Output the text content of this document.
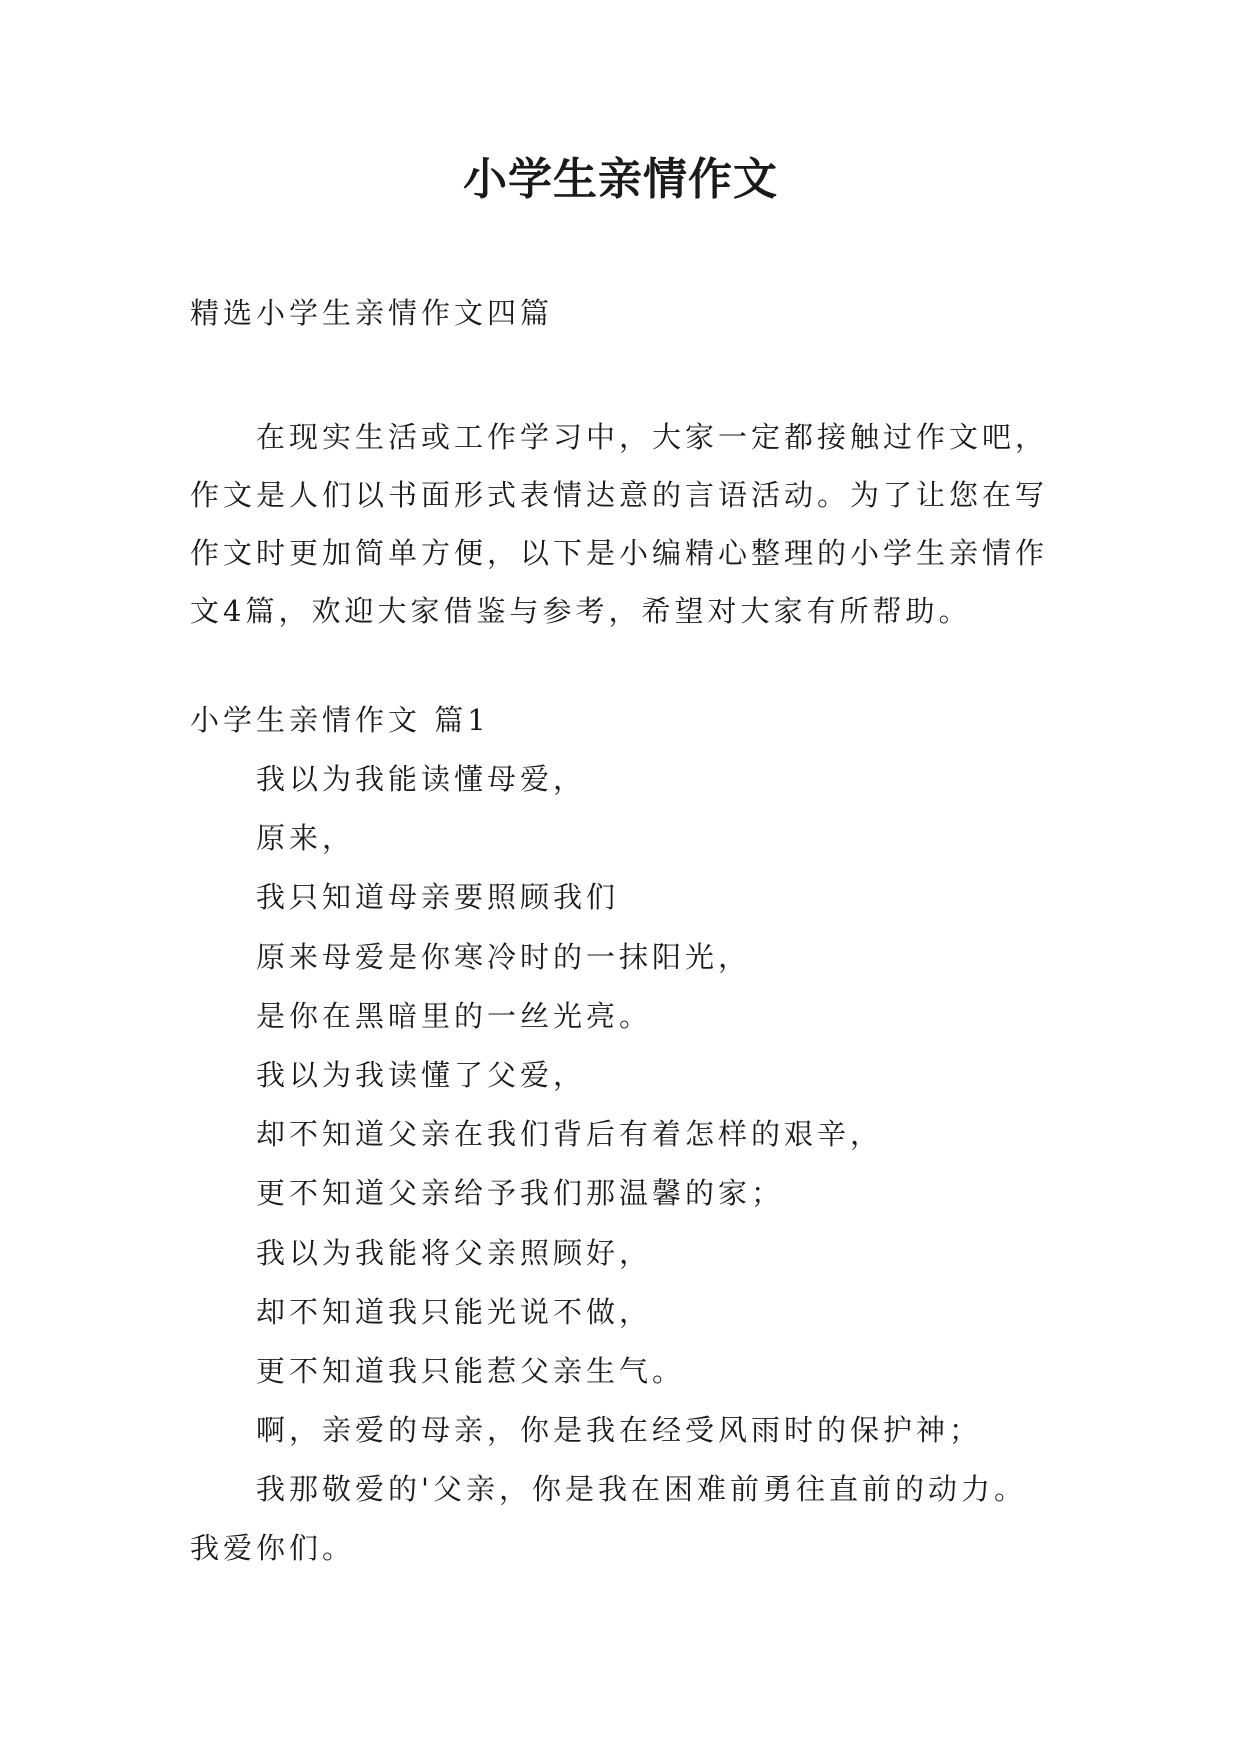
小学生亲情作文

精选小学生亲情作文四篇

在现实生活或工作学习中，大家一定都接触过作文吧，作文是人们以书面形式表情达意的言语活动。为了让您在写作文时更加简单方便，以下是小编精心整理的小学生亲情作文4篇，欢迎大家借鉴与参考，希望对大家有所帮助。

小学生亲情作文 篇1

我以为我能读懂母爱，

原来，

我只知道母亲要照顾我们

原来母爱是你寒冷时的一抹阳光，

是你在黑暗里的一丝光亮。

我以为我读懂了父爱，

却不知道父亲在我们背后有着怎样的艰辛，

更不知道父亲给予我们那温馨的家；

我以为我能将父亲照顾好，

却不知道我只能光说不做，

更不知道我只能惹父亲生气。

啊，亲爱的母亲，你是我在经受风雨时的保护神；

我那敬爱的'父亲，你是我在困难前勇往直前的动力。

我爱你们。
